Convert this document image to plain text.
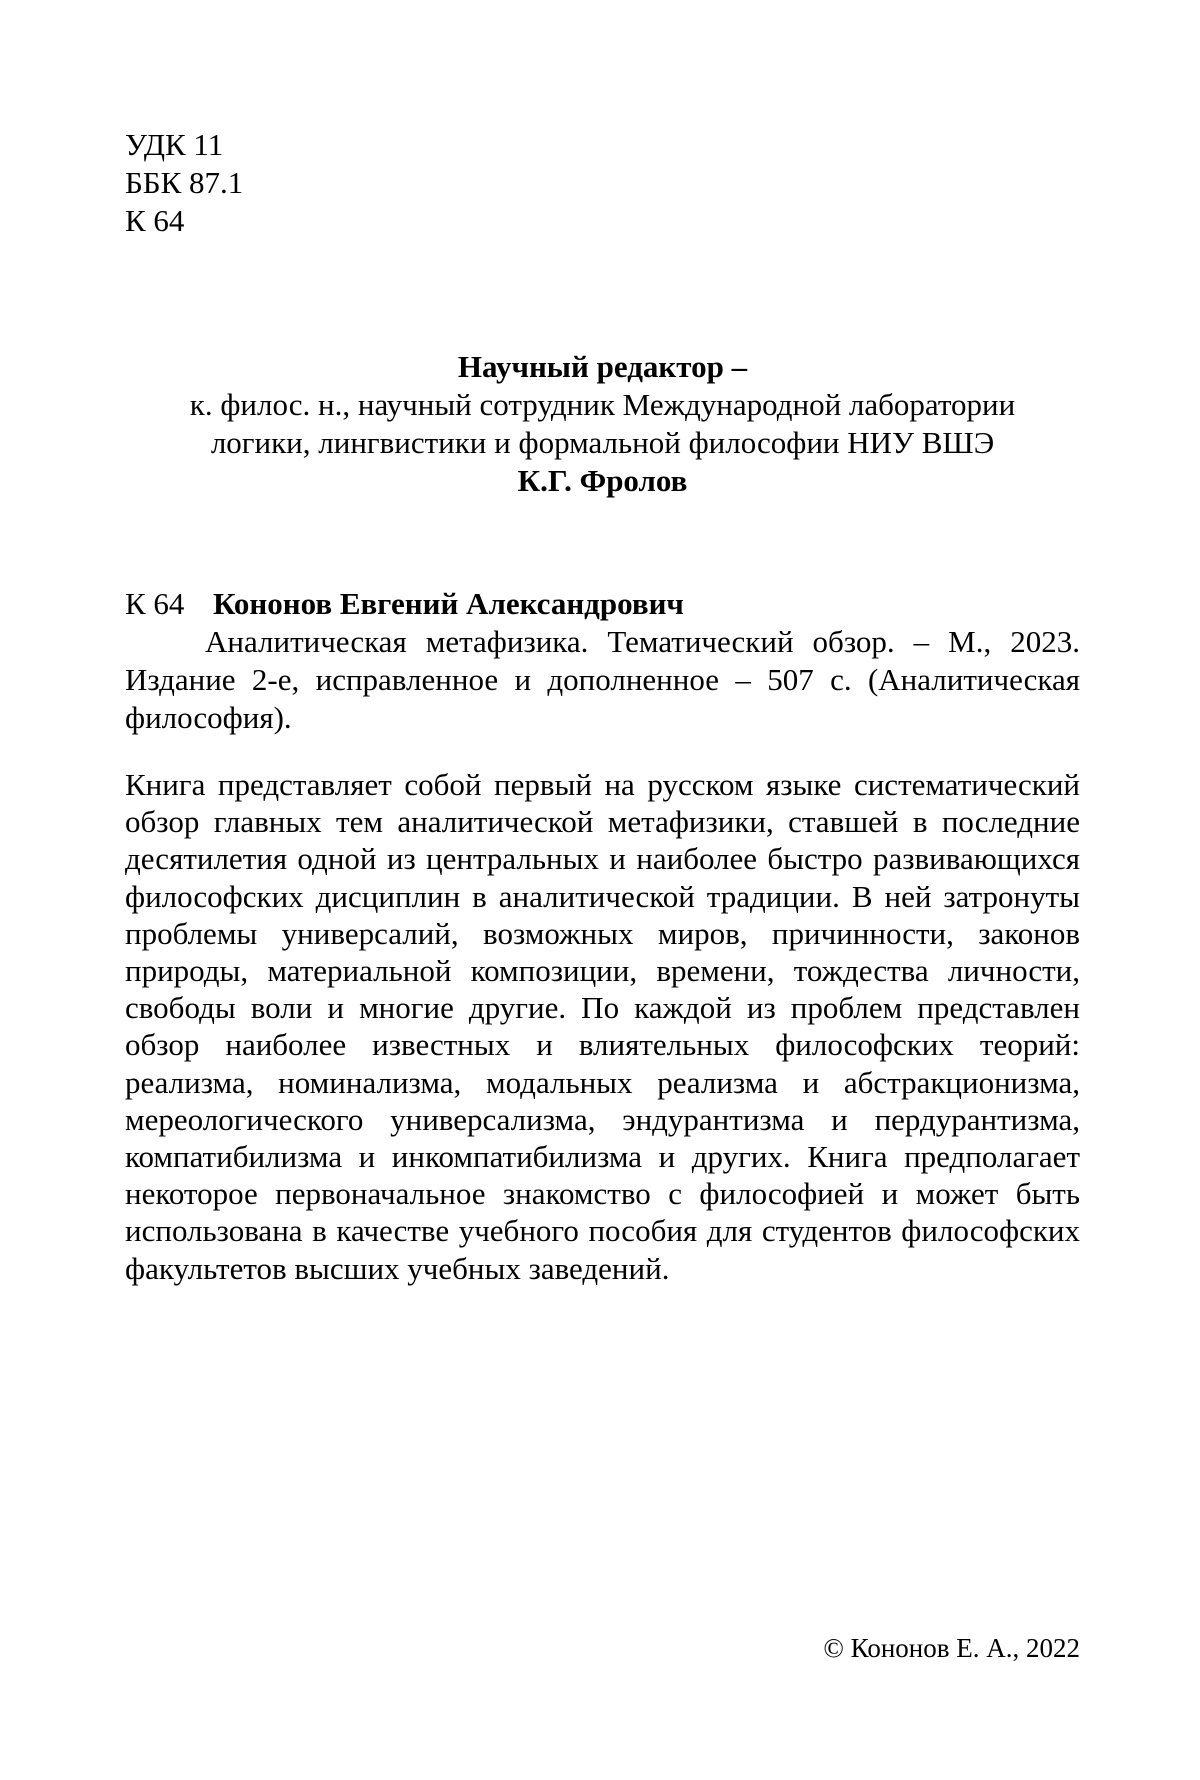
УДК 11
ББК 87.1
К 64
Научный редактор –
к. филос. н., научный сотрудник Международной лаборатории
логики, лингвистики и формальной философии НИУ ВШЭ
К.Г. Фролов
К 64 Кононов Евгений Александрович
Аналитическая метафизика. Тематический обзор. – М., 2023. Издание 2-е, исправленное и дополненное – 507 с. (Аналитическая философия).
Книга представляет собой первый на русском языке систематический обзор главных тем аналитической метафизики, ставшей в последние десятилетия одной из центральных и наиболее быстро развивающихся философских дисциплин в аналитической традиции. В ней затронуты проблемы универсалий, возможных миров, причинности, законов природы, материальной композиции, времени, тождества личности, свободы воли и многие другие. По каждой из проблем представлен обзор наиболее известных и влиятельных философских теорий: реализма, номинализма, модальных реализма и абстракционизма, мереологического универсализма, эндурантизма и пердурантизма, компатибилизма и инкомпатибилизма и других. Книга предполагает некоторое первоначальное знакомство с философией и может быть использована в качестве учебного пособия для студентов философских факультетов высших учебных заведений.
© Кононов Е. А., 2022
